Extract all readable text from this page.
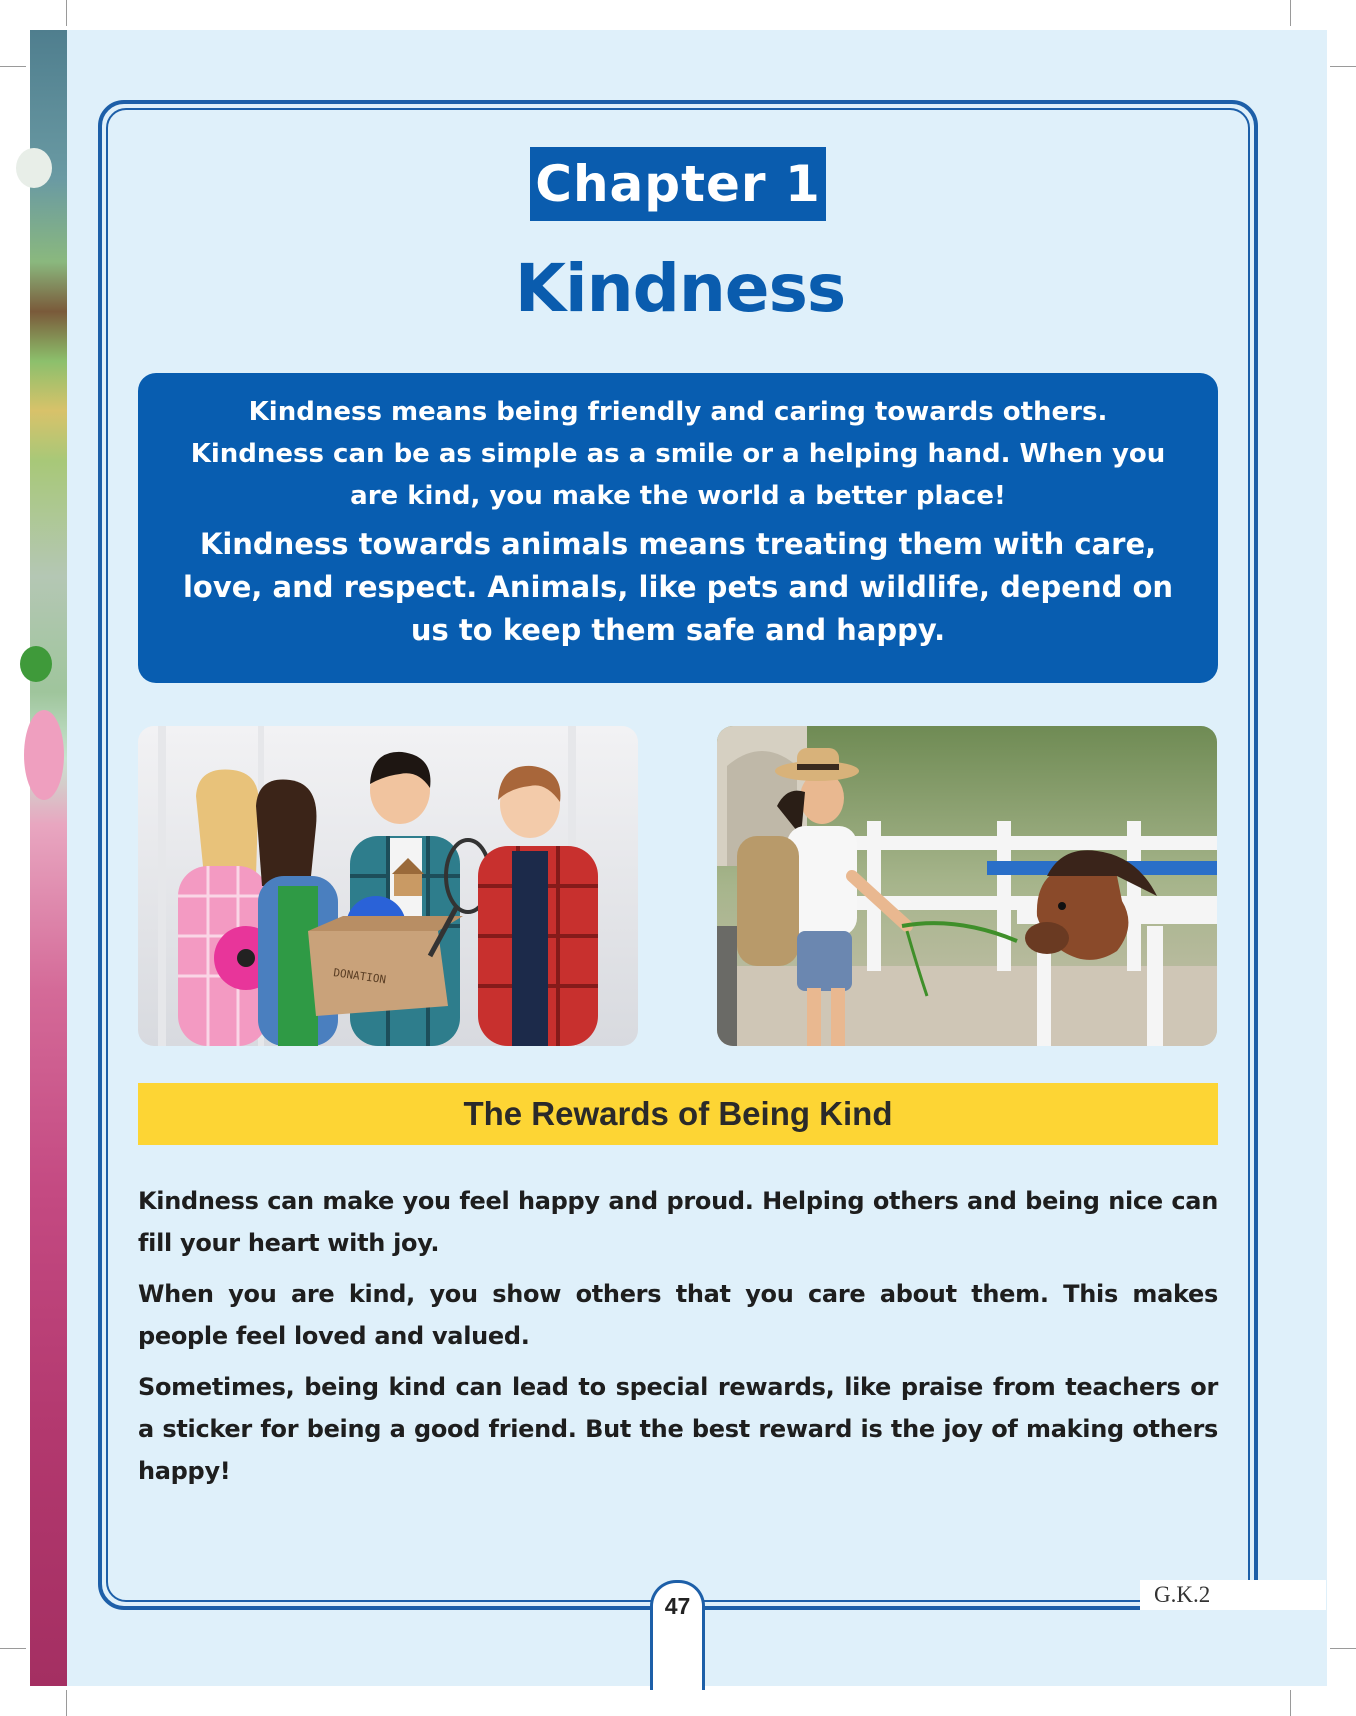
Chapter 1
Kindness

Kindness means being friendly and caring towards others. Kindness can be as simple as a smile or a helping hand. When you are kind, you make the world a better place!

Kindness towards animals means treating them with care, love, and respect. Animals, like pets and wildlife, depend on us to keep them safe and happy.

DONATION
The Rewards of Being Kind

Kindness can make you feel happy and proud. Helping others and being nice can fill your heart with joy.

When you are kind, you show others that you care about them. This makes people feel loved and valued.

Sometimes, being kind can lead to special rewards, like praise from teachers or a sticker for being a good friend. But the best reward is the joy of making others happy!

47	G.K.2
